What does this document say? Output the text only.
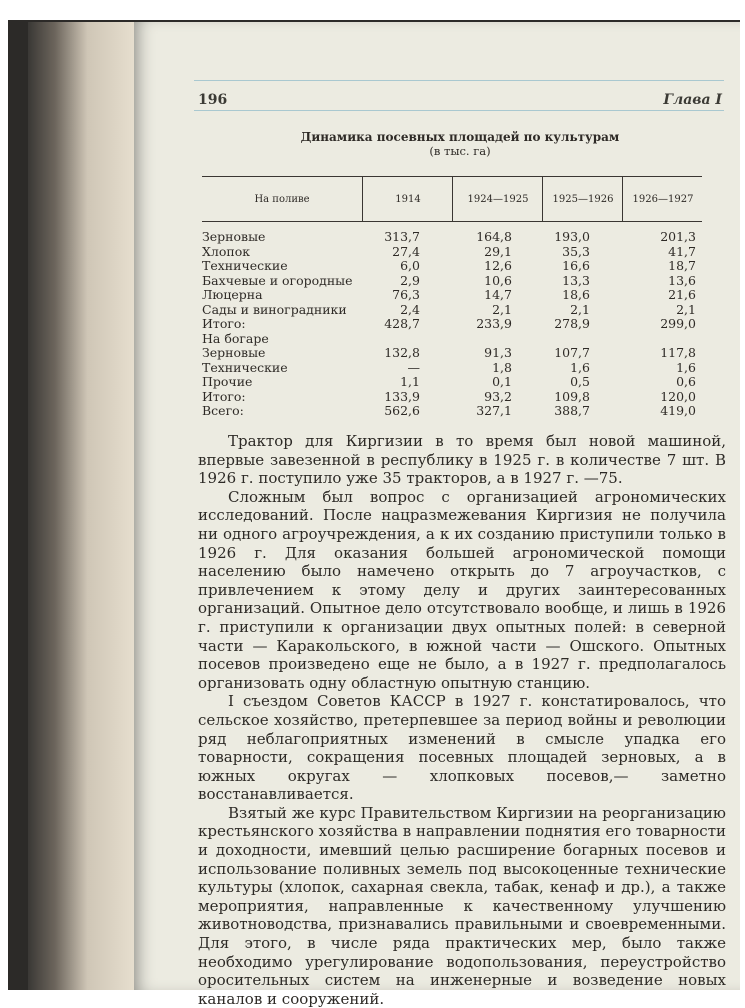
196	Глава I
Динамика посевных площадей по культурам
(в тыс. га)
На поливе	1914	1924—1925	1925—1926	1926—1927
Зерновые	313,7	164,8	193,0	201,3
Хлопок	27,4	29,1	35,3	41,7
Технические	6,0	12,6	16,6	18,7
Бахчевые и огородные	2,9	10,6	13,3	13,6
Люцерна	76,3	14,7	18,6	21,6
Сады и виноградники	2,4	2,1	2,1	2,1
Итого:	428,7	233,9	278,9	299,0
На богаре
Зерновые	132,8	91,3	107,7	117,8
Технические	—	1,8	1,6	1,6
Прочие	1,1	0,1	0,5	0,6
Итого:	133,9	93,2	109,8	120,0
Всего:	562,6	327,1	388,7	419,0

Трактор для Киргизии в то время был новой машиной, впервые завезенной в республику в 1925 г. в количестве 7 шт. В 1926 г. поступило уже 35 тракторов, а в 1927 г. —75.

Сложным был вопрос с организацией агрономических исследований. После нацразмежевания Киргизия не получила ни одного агроучреждения, а к их созданию приступили только в 1926 г. Для оказания большей агрономической помощи населению было намечено открыть до 7 агроучастков, с привлечением к этому делу и других заинтересованных организаций. Опытное дело отсутствовало вообще, и лишь в 1926 г. приступили к организации двух опытных полей: в северной части — Каракольского, в южной части — Ошского. Опытных посевов произведено еще не было, а в 1927 г. предполагалось организовать одну областную опытную станцию.

I съездом Советов КАССР в 1927 г. констатировалось, что сельское хозяйство, претерпевшее за период войны и революции ряд неблагоприятных изменений в смысле упадка его товарности, сокращения посевных площадей зерновых, а в южных округах — хлопковых посевов,— заметно восстанавливается.

Взятый же курс Правительством Киргизии на реорганизацию крестьянского хозяйства в направлении поднятия его товарности и доходности, имевший целью расширение богарных посевов и использование поливных земель под высокоценные технические культуры (хлопок, сахарная свекла, табак, кенаф и др.), а также мероприятия, направленные к качественному улучшению животноводства, признавались правильными и своевременными. Для этого, в числе ряда практических мер, было также необходимо урегулирование водопользования, переустройство оросительных систем на инженерные и возведение новых каналов и сооружений.
